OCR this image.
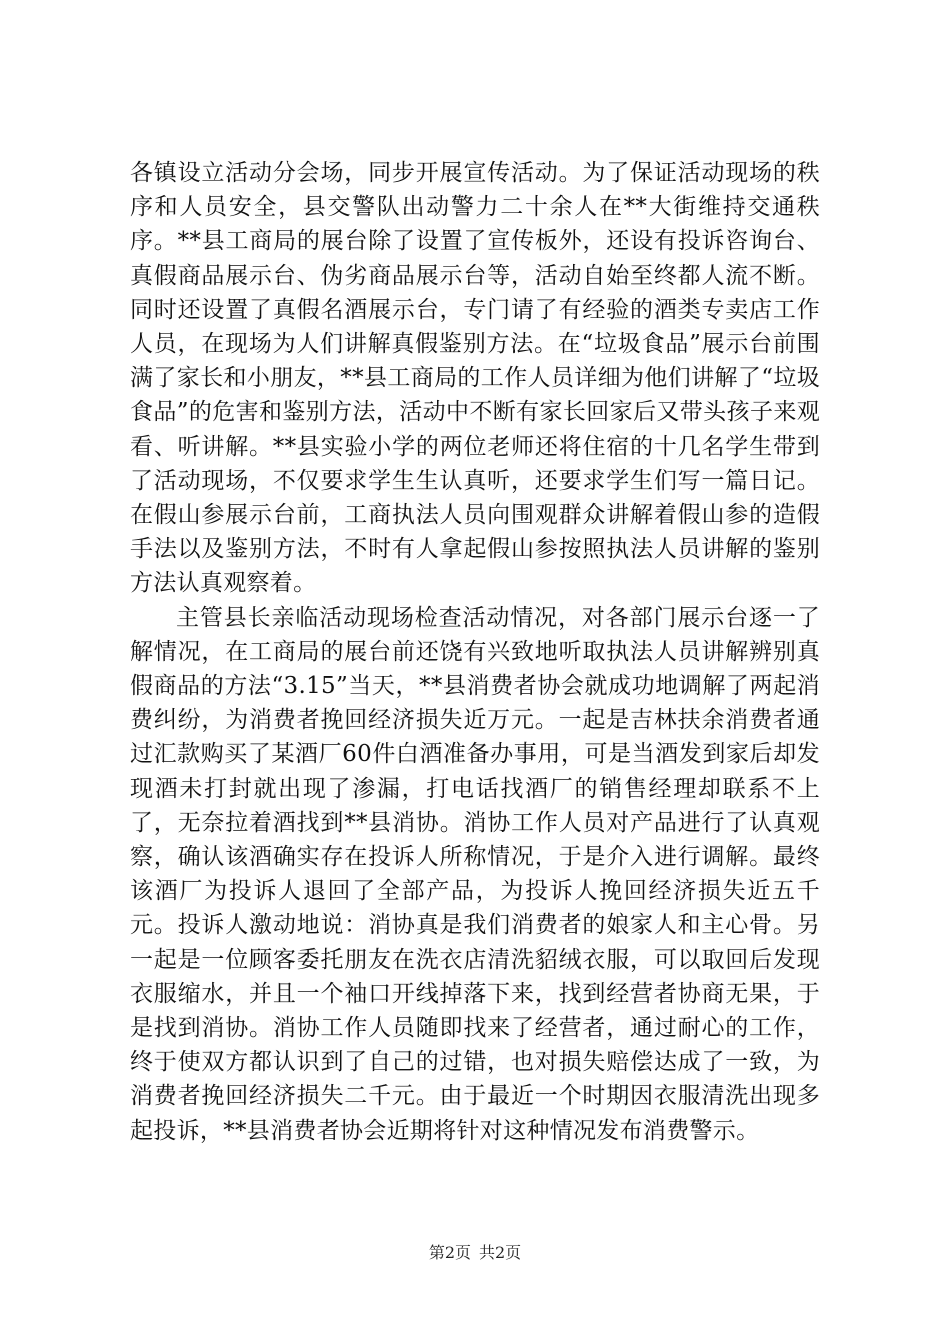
各镇设立活动分会场，同步开展宣传活动。为了保证活动现场的秩序和人员安全，县交警队出动警力二十余人在**大街维持交通秩序。**县工商局的展台除了设置了宣传板外，还设有投诉咨询台、真假商品展示台、伪劣商品展示台等，活动自始至终都人流不断。同时还设置了真假名酒展示台，专门请了有经验的酒类专卖店工作人员，在现场为人们讲解真假鉴别方法。在“垃圾食品”展示台前围满了家长和小朋友，**县工商局的工作人员详细为他们讲解了“垃圾食品”的危害和鉴别方法，活动中不断有家长回家后又带头孩子来观看、听讲解。**县实验小学的两位老师还将住宿的十几名学生带到了活动现场，不仅要求学生生认真听，还要求学生们写一篇日记。在假山参展示台前，工商执法人员向围观群众讲解着假山参的造假手法以及鉴别方法，不时有人拿起假山参按照执法人员讲解的鉴别方法认真观察着。

主管县长亲临活动现场检查活动情况，对各部门展示台逐一了解情况，在工商局的展台前还饶有兴致地听取执法人员讲解辨别真假商品的方法“3.15”当天，**县消费者协会就成功地调解了两起消费纠纷，为消费者挽回经济损失近万元。一起是吉林扶余消费者通过汇款购买了某酒厂60件白酒准备办事用，可是当酒发到家后却发现酒未打封就出现了渗漏，打电话找酒厂的销售经理却联系不上了，无奈拉着酒找到**县消协。消协工作人员对产品进行了认真观察，确认该酒确实存在投诉人所称情况，于是介入进行调解。最终该酒厂为投诉人退回了全部产品，为投诉人挽回经济损失近五千元。投诉人激动地说：消协真是我们消费者的娘家人和主心骨。另一起是一位顾客委托朋友在洗衣店清洗貂绒衣服，可以取回后发现衣服缩水，并且一个袖口开线掉落下来，找到经营者协商无果，于是找到消协。消协工作人员随即找来了经营者，通过耐心的工作，终于使双方都认识到了自己的过错，也对损失赔偿达成了一致，为消费者挽回经济损失二千元。由于最近一个时期因衣服清洗出现多起投诉，**县消费者协会近期将针对这种情况发布消费警示。

第2页 共2页
